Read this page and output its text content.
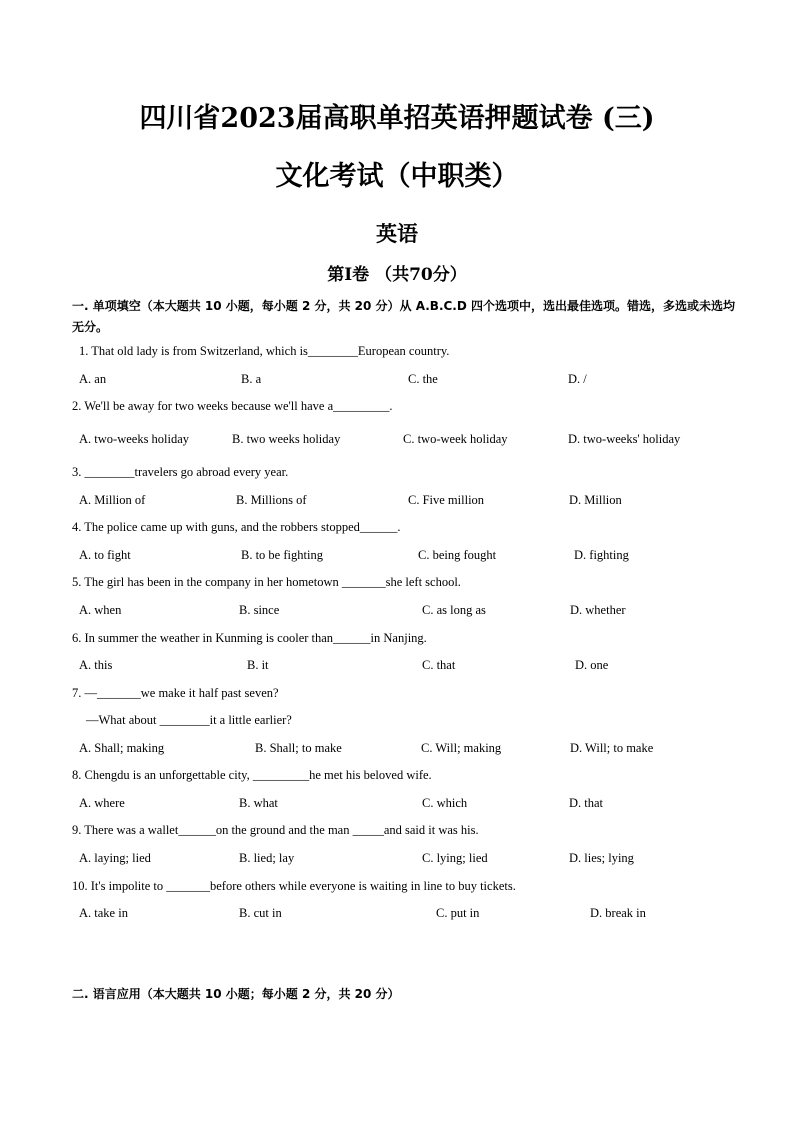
四川省2023届高职单招英语押题试卷 (三)
文化考试（中职类）
英语
第Ⅰ卷 （共70分）
一. 单项填空（本大题共 10 小题，每小题 2 分，共 20 分）从 A.B.C.D 四个选项中，选出最佳选项。错选，多选或未选均无分。
1. That old lady is from Switzerland, which is________European country.
A. an	B. a	C. the	D. /
2. We'll be away for two weeks because we'll have a_________.
A. two-weeks holiday	B. two weeks holiday	C. two-week holiday	D. two-weeks' holiday
3. ________travelers go abroad every year.
A. Million of	B. Millions of	C. Five million	D. Million
4. The police came up with guns, and the robbers stopped______.
A. to fight	B. to be fighting	C. being fought	D. fighting
5. The girl has been in the company in her hometown _______she left school.
A. when	B. since	C. as long as	D. whether
6. In summer the weather in Kunming is cooler than______in Nanjing.
A. this	B. it	C. that	D. one
7. —_______we make it half past seven?
—What about ________it a little earlier?
A. Shall; making	B. Shall; to make	C. Will; making	D. Will; to make
8. Chengdu is an unforgettable city, _________he met his beloved wife.
A. where	B. what	C. which	D. that
9. There was a wallet______on the ground and the man _____and said it was his.
A. laying; lied	B. lied; lay	C. lying; lied	D. lies; lying
10. It's impolite to _______before others while everyone is waiting in line to buy tickets.
A. take in	B. cut in	C. put in	D. break in
二. 语言应用（本大题共 10 小题；每小题 2 分，共 20 分）
